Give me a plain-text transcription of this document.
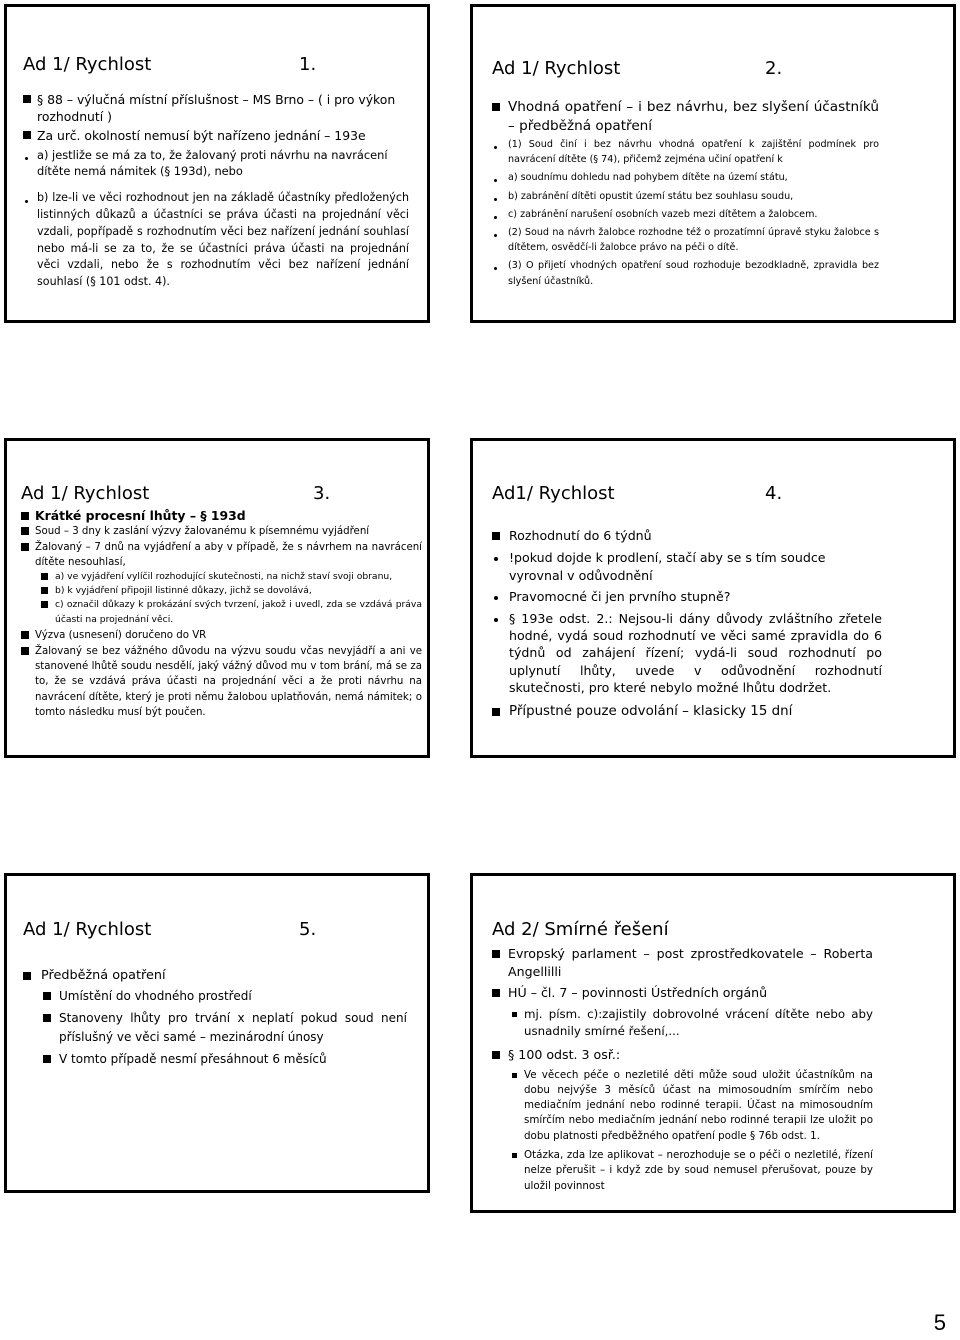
Ad 1/ Rychlost	1.
§ 88 – výlučná místní příslušnost – MS Brno – ( i pro výkon rozhodnutí )
Za urč. okolností nemusí být nařízeno jednání – 193e
a) jestliže se má za to, že žalovaný proti návrhu na navrácení dítěte nemá námitek (§ 193d), nebo
b) lze-li ve věci rozhodnout jen na základě účastníky předložených listinných důkazů a účastníci se práva účasti na projednání věci vzdali, popřípadě s rozhodnutím věci bez nařízení jednání souhlasí nebo má-li se za to, že se účastníci práva účasti na projednání věci vzdali, nebo že s rozhodnutím věci bez nařízení jednání souhlasí (§ 101 odst. 4).
Ad 1/ Rychlost	2.
Vhodná opatření – i bez návrhu, bez slyšení účastníků – předběžná opatření
(1) Soud činí i bez návrhu vhodná opatření k zajištění podmínek pro navrácení dítěte (§ 74), přičemž zejména učiní opatření k
a) soudnímu dohledu nad pohybem dítěte na území státu,
b) zabránění dítěti opustit území státu bez souhlasu soudu,
c) zabránění narušení osobních vazeb mezi dítětem a žalobcem.
(2) Soud na návrh žalobce rozhodne též o prozatímní úpravě styku žalobce s dítětem, osvědčí-li žalobce právo na péči o dítě.
(3) O přijetí vhodných opatření soud rozhoduje bezodkladně, zpravidla bez slyšení účastníků.
Ad 1/ Rychlost	3.
Krátké procesní lhůty – § 193d
Soud – 3 dny k zaslání výzvy žalovanému k písemnému vyjádření
Žalovaný – 7 dnů na vyjádření a aby v případě, že s návrhem na navrácení dítěte nesouhlasí,
a) ve vyjádření vylíčil rozhodující skutečnosti, na nichž staví svoji obranu,
b) k vyjádření připojil listinné důkazy, jichž se dovolává,
c) označil důkazy k prokázání svých tvrzení, jakož i uvedl, zda se vzdává práva účasti na projednání věci.
Výzva (usnesení) doručeno do VR
Žalovaný se bez vážného důvodu na výzvu soudu včas nevyjádří a ani ve stanovené lhůtě soudu nesdělí, jaký vážný důvod mu v tom brání, má se za to, že se vzdává práva účasti na projednání věci a že proti návrhu na navrácení dítěte, který je proti němu žalobou uplatňován, nemá námitek; o tomto následku musí být poučen.
Ad1/ Rychlost	4.
Rozhodnutí do 6 týdnů
!pokud dojde k prodlení, stačí aby se s tím soudce vyrovnal v odůvodnění
Pravomocné či jen prvního stupně?
§ 193e odst. 2.: Nejsou-li dány důvody zvláštního zřetele hodné, vydá soud rozhodnutí ve věci samé zpravidla do 6 týdnů od zahájení řízení; vydá-li soud rozhodnutí po uplynutí lhůty, uvede v odůvodnění rozhodnutí skutečnosti, pro které nebylo možné lhůtu dodržet.
Přípustné pouze odvolání – klasicky 15 dní
Ad 1/ Rychlost	5.
Předběžná opatření
Umístění do vhodného prostředí
Stanoveny lhůty pro trvání x neplatí pokud soud není příslušný ve věci samé – mezinárodní únosy
V tomto případě nesmí přesáhnout 6 měsíců
Ad 2/ Smírné řešení
Evropský parlament – post zprostředkovatele – Roberta Angellilli
HÚ – čl. 7 – povinnosti Ústředních orgánů
mj. písm. c):zajistily dobrovolné vrácení dítěte nebo aby usnadnily smírné řešení,...
§ 100 odst. 3 osř.:
Ve věcech péče o nezletilé děti může soud uložit účastníkům na dobu nejvýše 3 měsíců účast na mimosoudním smírčím nebo mediačním jednání nebo rodinné terapii. Účast na mimosoudním smírčím nebo mediačním jednání nebo rodinné terapii lze uložit po dobu platnosti předběžného opatření podle § 76b odst. 1.
Otázka, zda lze aplikovat – nerozhoduje se o péči o nezletilé, řízení nelze přerušit – i když zde by soud nemusel přerušovat, pouze by uložil povinnost
5
